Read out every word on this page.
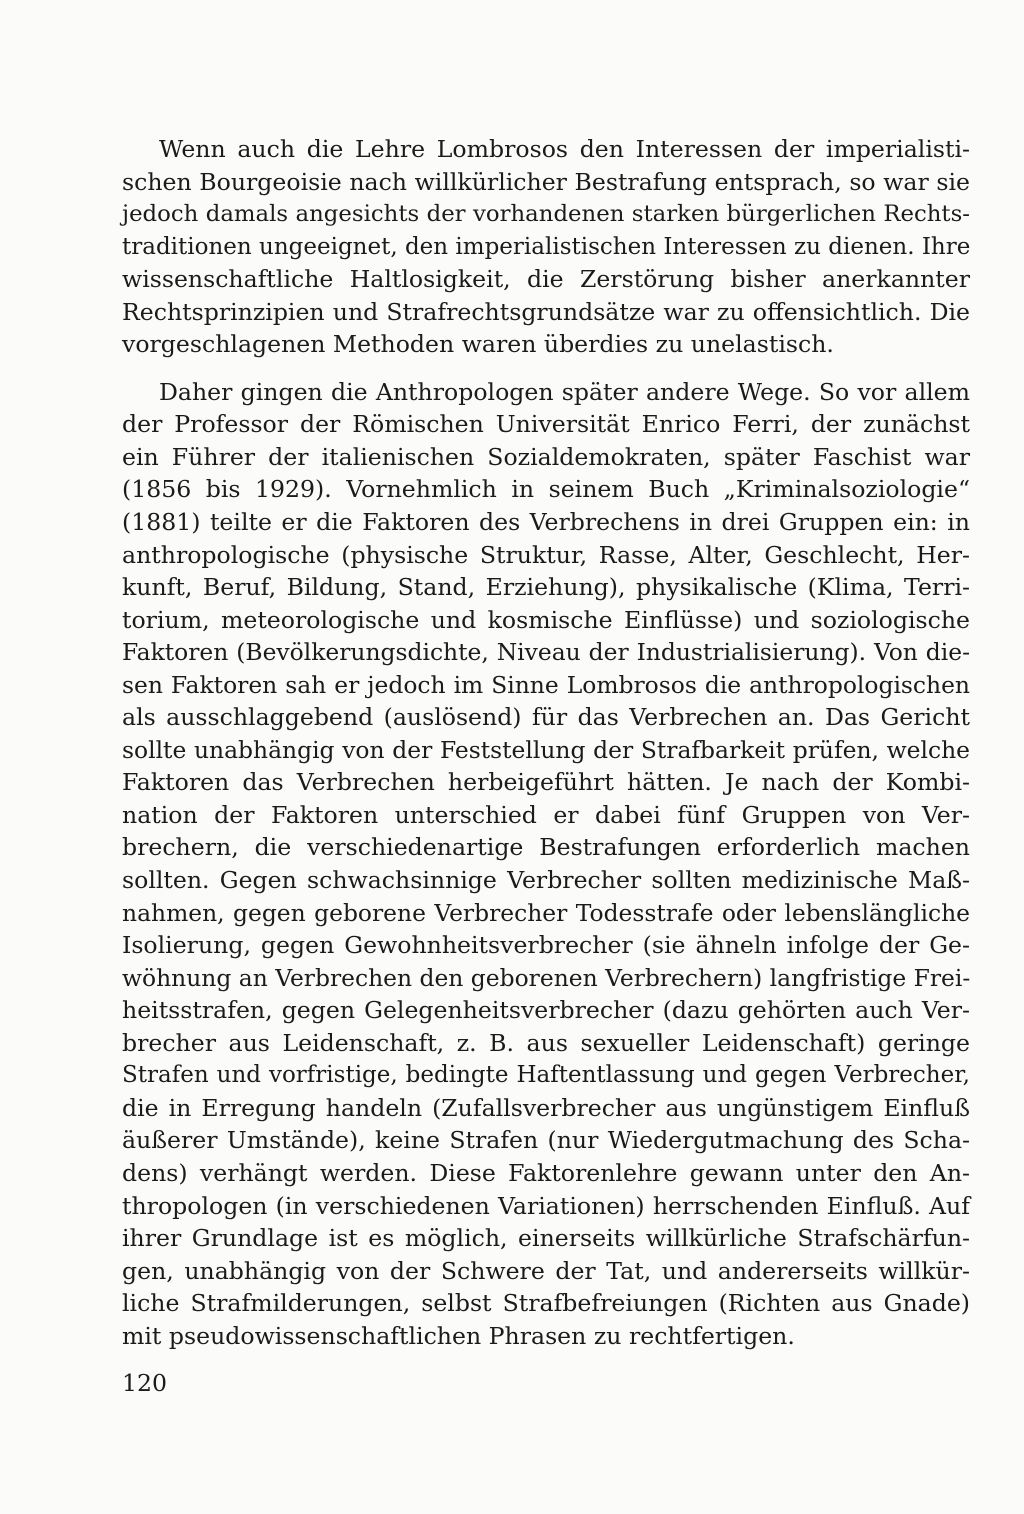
Wenn auch die Lehre Lombrosos den Interessen der imperialisti-
schen Bourgeoisie nach willkürlicher Bestrafung entsprach, so war sie
jedoch damals angesichts der vorhandenen starken bürgerlichen Rechts-
traditionen ungeeignet, den imperialistischen Interessen zu dienen. Ihre
wissenschaftliche Haltlosigkeit, die Zerstörung bisher anerkannter
Rechtsprinzipien und Strafrechtsgrundsätze war zu offensichtlich. Die
vorgeschlagenen Methoden waren überdies zu unelastisch.
Daher gingen die Anthropologen später andere Wege. So vor allem
der Professor der Römischen Universität Enrico Ferri, der zunächst
ein Führer der italienischen Sozialdemokraten, später Faschist war
(1856 bis 1929). Vornehmlich in seinem Buch „Kriminalsoziologie“
(1881) teilte er die Faktoren des Verbrechens in drei Gruppen ein: in
anthropologische (physische Struktur, Rasse, Alter, Geschlecht, Her-
kunft, Beruf, Bildung, Stand, Erziehung), physikalische (Klima, Terri-
torium, meteorologische und kosmische Einflüsse) und soziologische
Faktoren (Bevölkerungsdichte, Niveau der Industrialisierung). Von die-
sen Faktoren sah er jedoch im Sinne Lombrosos die anthropologischen
als ausschlaggebend (auslösend) für das Verbrechen an. Das Gericht
sollte unabhängig von der Feststellung der Strafbarkeit prüfen, welche
Faktoren das Verbrechen herbeigeführt hätten. Je nach der Kombi-
nation der Faktoren unterschied er dabei fünf Gruppen von Ver-
brechern, die verschiedenartige Bestrafungen erforderlich machen
sollten. Gegen schwachsinnige Verbrecher sollten medizinische Maß-
nahmen, gegen geborene Verbrecher Todesstrafe oder lebenslängliche
Isolierung, gegen Gewohnheitsverbrecher (sie ähneln infolge der Ge-
wöhnung an Verbrechen den geborenen Verbrechern) langfristige Frei-
heitsstrafen, gegen Gelegenheitsverbrecher (dazu gehörten auch Ver-
brecher aus Leidenschaft, z. B. aus sexueller Leidenschaft) geringe
Strafen und vorfristige, bedingte Haftentlassung und gegen Verbrecher,
die in Erregung handeln (Zufallsverbrecher aus ungünstigem Einfluß
äußerer Umstände), keine Strafen (nur Wiedergutmachung des Scha-
dens) verhängt werden. Diese Faktorenlehre gewann unter den An-
thropologen (in verschiedenen Variationen) herrschenden Einfluß. Auf
ihrer Grundlage ist es möglich, einerseits willkürliche Strafschärfun-
gen, unabhängig von der Schwere der Tat, und andererseits willkür-
liche Strafmilderungen, selbst Strafbefreiungen (Richten aus Gnade)
mit pseudowissenschaftlichen Phrasen zu rechtfertigen.
120
